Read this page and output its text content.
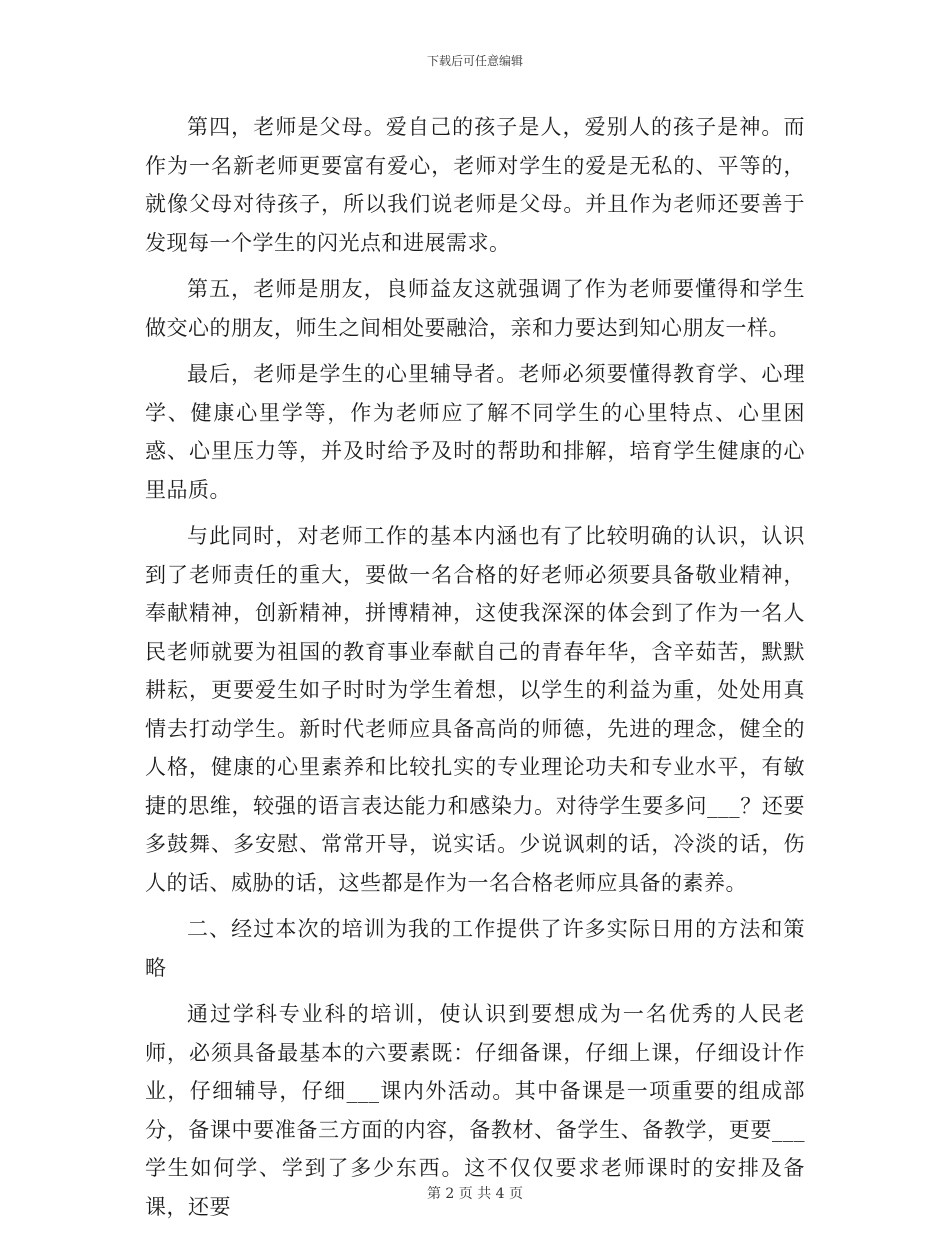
下载后可任意编辑

第四，老师是父母。爱自己的孩子是人，爱别人的孩子是神。而作为一名新老师更要富有爱心，老师对学生的爱是无私的、平等的，就像父母对待孩子，所以我们说老师是父母。并且作为老师还要善于发现每一个学生的闪光点和进展需求。

第五，老师是朋友，良师益友这就强调了作为老师要懂得和学生做交心的朋友，师生之间相处要融洽，亲和力要达到知心朋友一样。

最后，老师是学生的心里辅导者。老师必须要懂得教育学、心理学、健康心里学等，作为老师应了解不同学生的心里特点、心里困惑、心里压力等，并及时给予及时的帮助和排解，培育学生健康的心里品质。

与此同时，对老师工作的基本内涵也有了比较明确的认识，认识到了老师责任的重大，要做一名合格的好老师必须要具备敬业精神，奉献精神，创新精神，拼博精神，这使我深深的体会到了作为一名人民老师就要为祖国的教育事业奉献自己的青春年华，含辛茹苦，默默耕耘，更要爱生如子时时为学生着想，以学生的利益为重，处处用真情去打动学生。新时代老师应具备高尚的师德，先进的理念，健全的人格，健康的心里素养和比较扎实的专业理论功夫和专业水平，有敏捷的思维，较强的语言表达能力和感染力。对待学生要多问___？还要多鼓舞、多安慰、常常开导，说实话。少说讽刺的话，冷淡的话，伤人的话、威胁的话，这些都是作为一名合格老师应具备的素养。

二、经过本次的培训为我的工作提供了许多实际日用的方法和策略

通过学科专业科的培训，使认识到要想成为一名优秀的人民老师，必须具备最基本的六要素既：仔细备课，仔细上课，仔细设计作业，仔细辅导，仔细___课内外活动。其中备课是一项重要的组成部分，备课中要准备三方面的内容，备教材、备学生、备教学，更要___学生如何学、学到了多少东西。这不仅仅要求老师课时的安排及备课，还要

第 2 页 共 4 页
